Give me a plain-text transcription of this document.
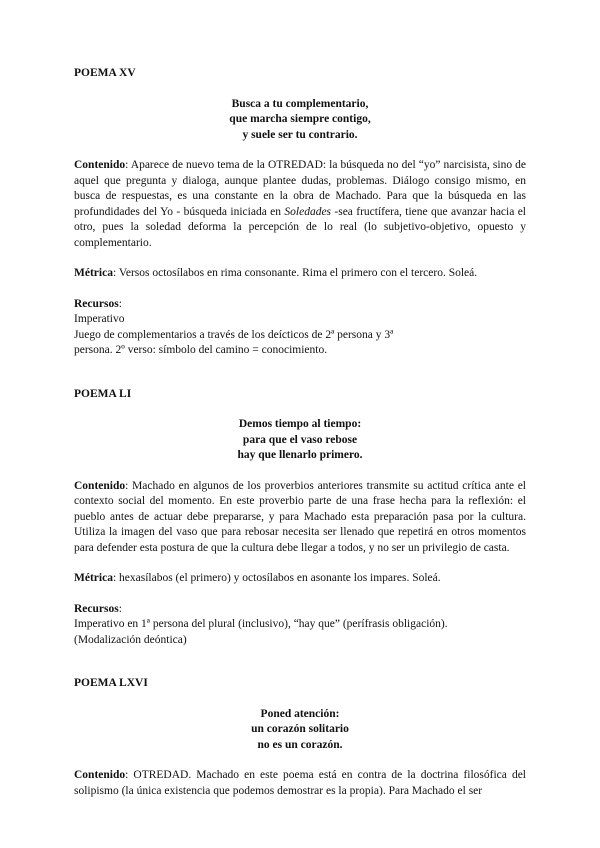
POEMA XV
Busca a tu complementario,
que marcha siempre contigo,
y suele ser tu contrario.

Contenido: Aparece de nuevo tema de la OTREDAD: la búsqueda no del “yo” narcisista, sino de aquel que pregunta y dialoga, aunque plantee dudas, problemas. Diálogo consigo mismo, en busca de respuestas, es una constante en la obra de Machado. Para que la búsqueda en las profundidades del Yo - búsqueda iniciada en Soledades -sea fructífera, tiene que avanzar hacia el otro, pues la soledad deforma la percepción de lo real (lo subjetivo-objetivo, opuesto y complementario.

Métrica: Versos octosílabos en rima consonante. Rima el primero con el tercero. Soleá.

Recursos:
Imperativo
Juego de complementarios a través de los deícticos de 2ª persona y 3ª
persona. 2º verso: símbolo del camino = conocimiento.
POEMA LI
Demos tiempo al tiempo:
para que el vaso rebose
hay que llenarlo primero.

Contenido: Machado en algunos de los proverbios anteriores transmite su actitud crítica ante el contexto social del momento. En este proverbio parte de una frase hecha para la reflexión: el pueblo antes de actuar debe prepararse, y para Machado esta preparación pasa por la cultura. Utiliza la imagen del vaso que para rebosar necesita ser llenado que repetirá en otros momentos para defender esta postura de que la cultura debe llegar a todos, y no ser un privilegio de casta.

Métrica: hexasílabos (el primero) y octosílabos en asonante los impares. Soleá.

Recursos:
Imperativo en 1ª persona del plural (inclusivo), “hay que” (perífrasis obligación).
(Modalización deóntica)
POEMA LXVI
Poned atención:
un corazón solitario
no es un corazón.

Contenido: OTREDAD. Machado en este poema está en contra de la doctrina filosófica del solipismo (la única existencia que podemos demostrar es la propia). Para Machado el ser
